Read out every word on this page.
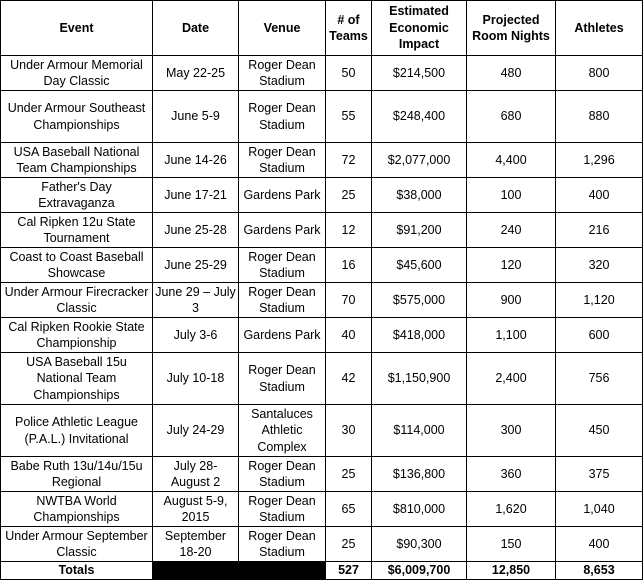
Event	Date	Venue	# of Teams	Estimated Economic Impact	Projected Room Nights	Athletes
Under Armour Memorial Day Classic	May 22-25	Roger Dean Stadium	50	$214,500	480	800
Under Armour Southeast Championships	June 5-9	Roger Dean Stadium	55	$248,400	680	880
USA Baseball National Team Championships	June 14-26	Roger Dean Stadium	72	$2,077,000	4,400	1,296
Father's Day Extravaganza	June 17-21	Gardens Park	25	$38,000	100	400
Cal Ripken 12u State Tournament	June 25-28	Gardens Park	12	$91,200	240	216
Coast to Coast Baseball Showcase	June 25-29	Roger Dean Stadium	16	$45,600	120	320
Under Armour Firecracker Classic	June 29 – July 3	Roger Dean Stadium	70	$575,000	900	1,120
Cal Ripken Rookie State Championship	July 3-6	Gardens Park	40	$418,000	1,100	600
USA Baseball 15u National Team Championships	July 10-18	Roger Dean Stadium	42	$1,150,900	2,400	756
Police Athletic League (P.A.L.) Invitational	July 24-29	Santaluces Athletic Complex	30	$114,000	300	450
Babe Ruth 13u/14u/15u Regional	July 28-August 2	Roger Dean Stadium	25	$136,800	360	375
NWTBA World Championships	August 5-9, 2015	Roger Dean Stadium	65	$810,000	1,620	1,040
Under Armour September Classic	September 18-20	Roger Dean Stadium	25	$90,300	150	400
Totals			527	$6,009,700	12,850	8,653
